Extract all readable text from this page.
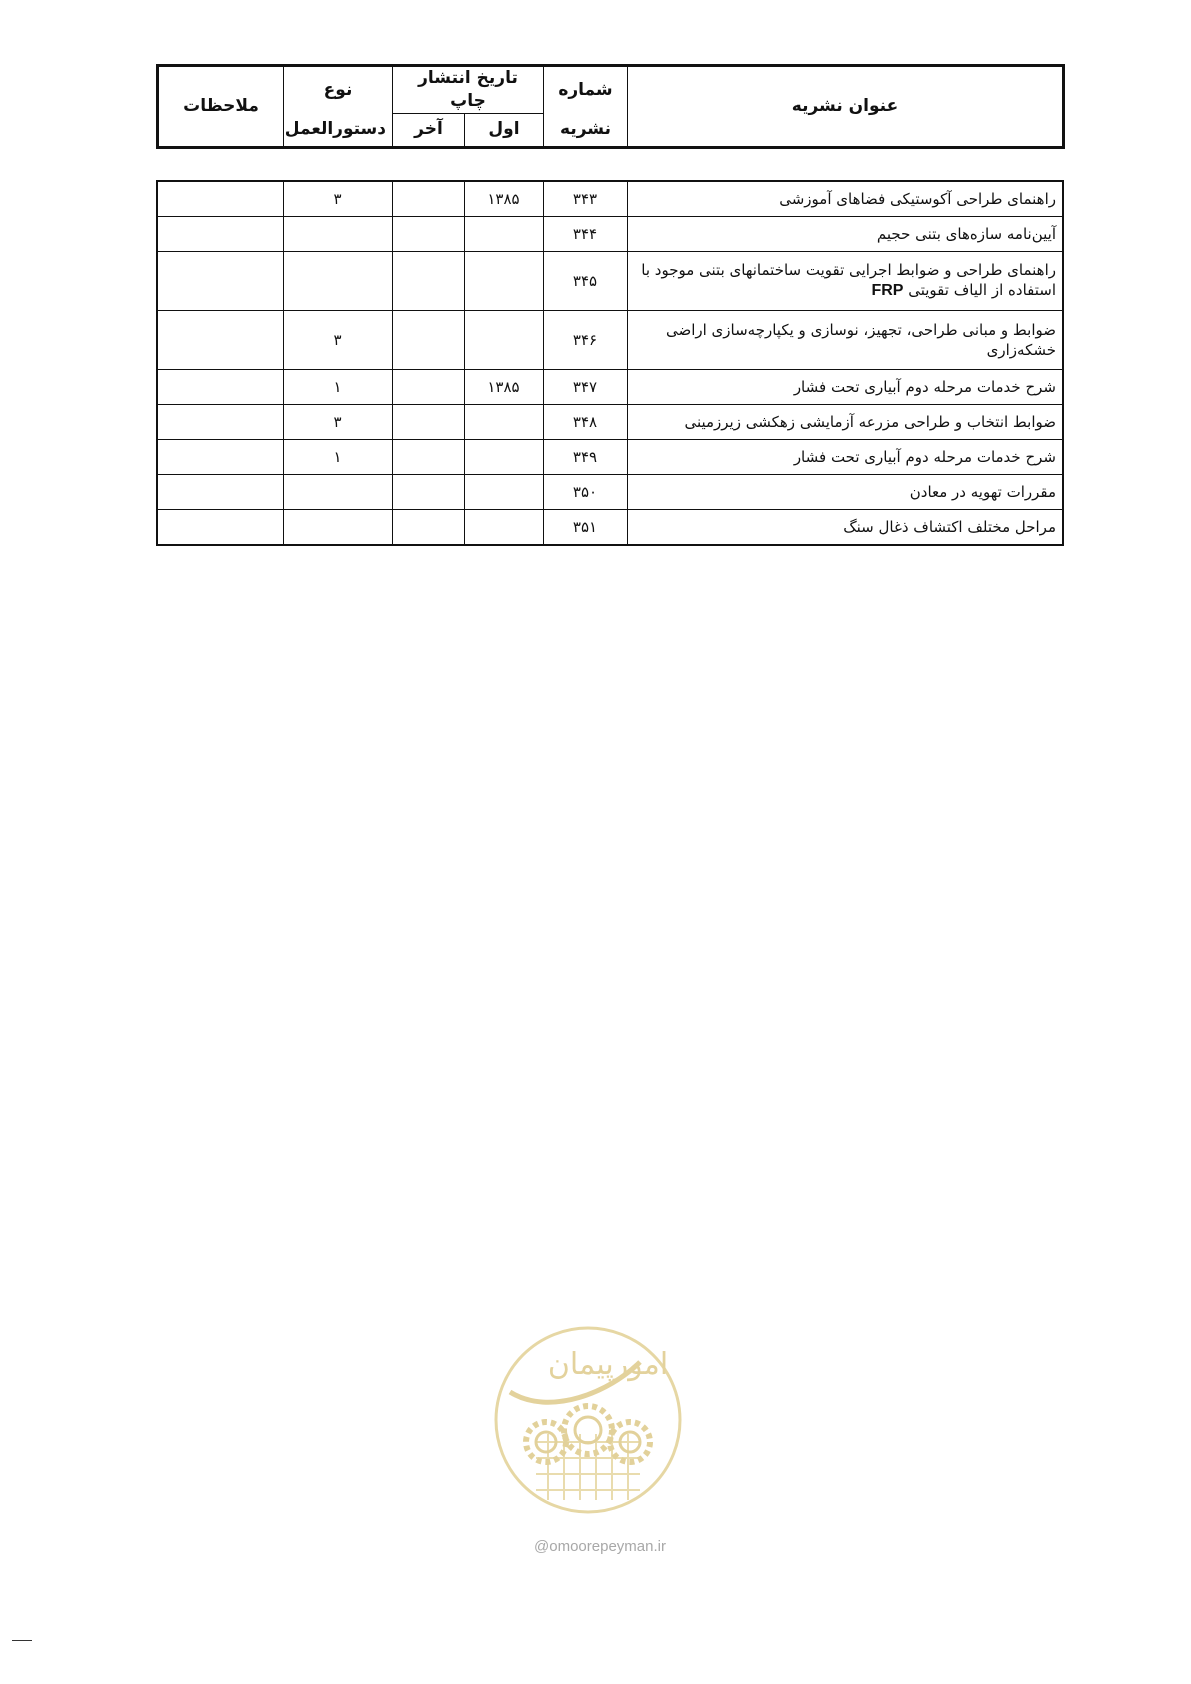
عنوان نشریه	شماره	تاریخ انتشار چاپ		نوع	ملاحظات
	نشریه	اول	آخر	دستورالعمل	
راهنمای طراحی آکوستیکی فضاهای آموزشی	۳۴۳	۱۳۸۵		۳	
آیین‌نامه سازه‌های بتنی حجیم	۳۴۴				
راهنمای طراحی و ضوابط اجرایی تقویت ساختمانهای بتنی موجود با استفاده از الیاف تقویتی FRP	۳۴۵				
ضوابط و مبانی طراحی، تجهیز، نوسازی و یکپارچه‌سازی اراضی خشکه‌زاری	۳۴۶			۳	
شرح خدمات مرحله دوم آبیاری تحت فشار	۳۴۷	۱۳۸۵		۱	
ضوابط انتخاب و طراحی مزرعه آزمایشی زهکشی زیرزمینی	۳۴۸			۳	
شرح خدمات مرحله دوم آبیاری تحت فشار	۳۴۹			۱	
مقررات تهویه در معادن	۳۵۰				
مراحل مختلف اکتشاف ذغال سنگ	۳۵۱				
امورپیمان
@omoorepeyman.ir
